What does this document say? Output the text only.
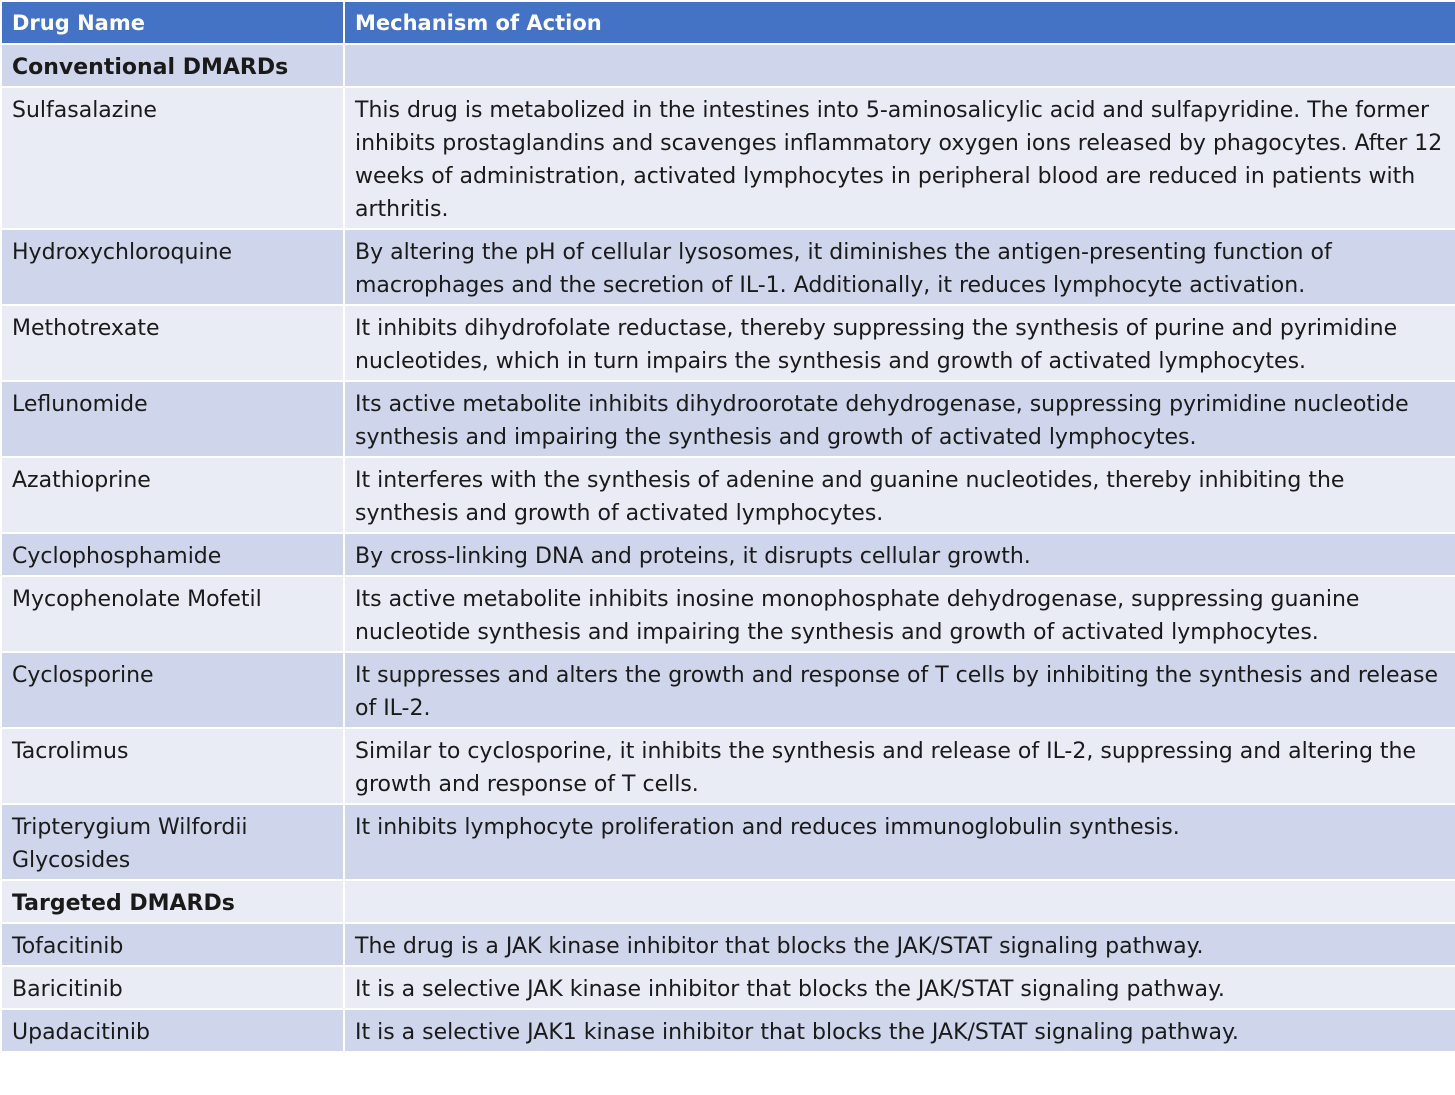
Drug Name	Mechanism of Action
Conventional DMARDs	
Sulfasalazine	This drug is metabolized in the intestines into 5-aminosalicylic acid and sulfapyridine. The former inhibits prostaglandins and scavenges inflammatory oxygen ions released by phagocytes. After 12 weeks of administration, activated lymphocytes in peripheral blood are reduced in patients with arthritis.
Hydroxychloroquine	By altering the pH of cellular lysosomes, it diminishes the antigen-presenting function of macrophages and the secretion of IL-1. Additionally, it reduces lymphocyte activation.
Methotrexate	It inhibits dihydrofolate reductase, thereby suppressing the synthesis of purine and pyrimidine nucleotides, which in turn impairs the synthesis and growth of activated lymphocytes.
Leflunomide	Its active metabolite inhibits dihydroorotate dehydrogenase, suppressing pyrimidine nucleotide synthesis and impairing the synthesis and growth of activated lymphocytes.
Azathioprine	It interferes with the synthesis of adenine and guanine nucleotides, thereby inhibiting the synthesis and growth of activated lymphocytes.
Cyclophosphamide	By cross-linking DNA and proteins, it disrupts cellular growth.
Mycophenolate Mofetil	Its active metabolite inhibits inosine monophosphate dehydrogenase, suppressing guanine nucleotide synthesis and impairing the synthesis and growth of activated lymphocytes.
Cyclosporine	It suppresses and alters the growth and response of T cells by inhibiting the synthesis and release of IL-2.
Tacrolimus	Similar to cyclosporine, it inhibits the synthesis and release of IL-2, suppressing and altering the growth and response of T cells.
Tripterygium Wilfordii Glycosides	It inhibits lymphocyte proliferation and reduces immunoglobulin synthesis.
Targeted DMARDs	
Tofacitinib	The drug is a JAK kinase inhibitor that blocks the JAK/STAT signaling pathway.
Baricitinib	It is a selective JAK kinase inhibitor that blocks the JAK/STAT signaling pathway.
Upadacitinib	It is a selective JAK1 kinase inhibitor that blocks the JAK/STAT signaling pathway.
